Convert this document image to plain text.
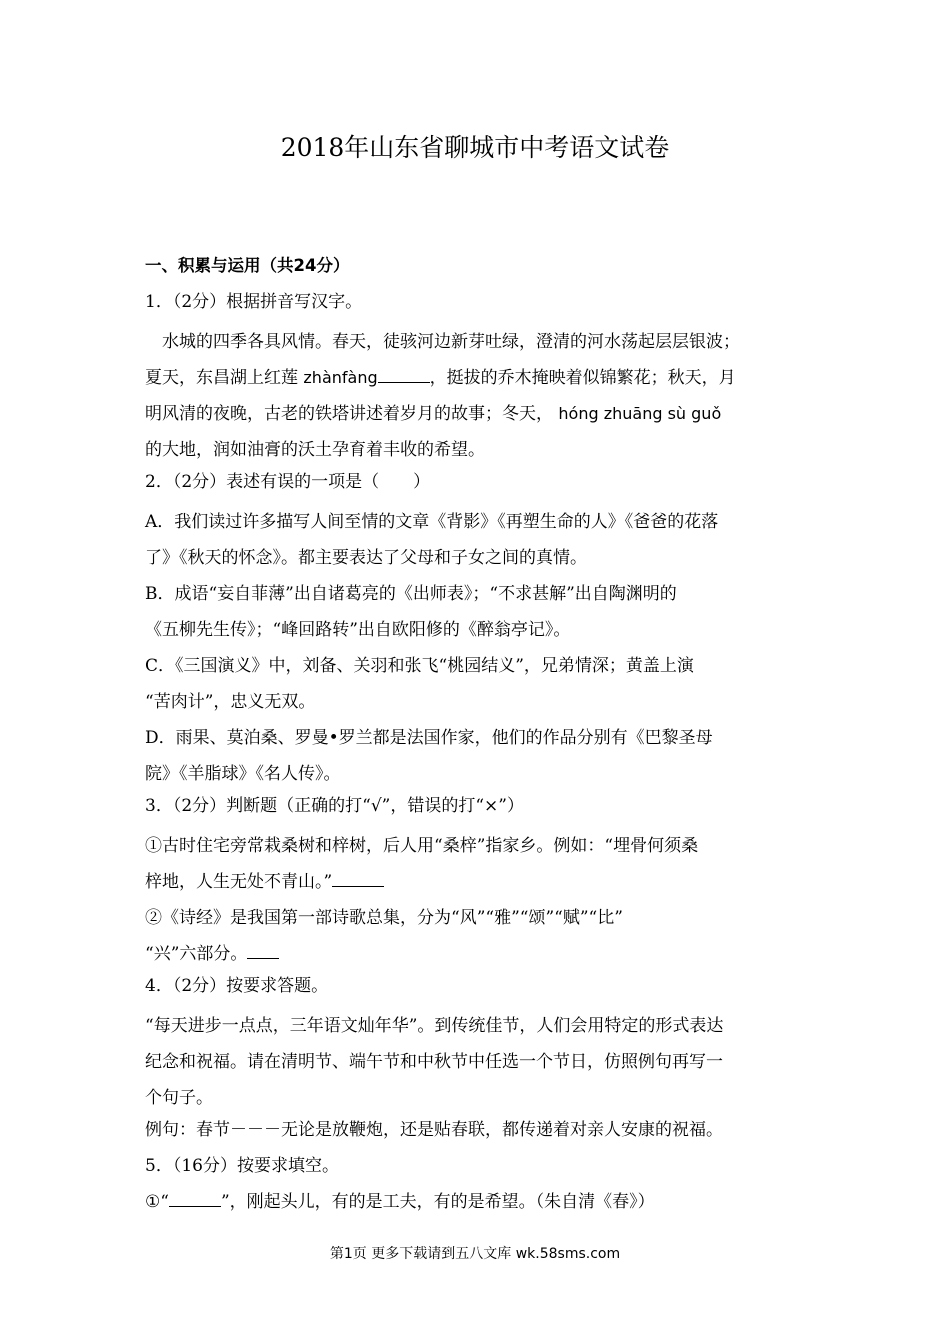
2018年山东省聊城市中考语文试卷
一、积累与运用（共24分）
1．（2分）根据拼音写汉字。
　水城的四季各具风情。春天，徒骇河边新芽吐绿，澄清的河水荡起层层银波；
夏天，东昌湖上红莲 zhànfàng	，挺拔的乔木掩映着似锦繁花；秋天，月
明风清的夜晚，古老的铁塔讲述着岁月的故事；冬天， hóng zhuāng sù guǒ
的大地，润如油膏的沃土孕育着丰收的希望。
2．（2分）表述有误的一项是（　　）
A．我们读过许多描写人间至情的文章《背影》《再塑生命的人》《爸爸的花落
了》《秋天的怀念》。都主要表达了父母和子女之间的真情。
B．成语“妄自菲薄”出自诸葛亮的《出师表》；“不求甚解”出自陶渊明的
《五柳先生传》；“峰回路转”出自欧阳修的《醉翁亭记》。
C．《三国演义》中，刘备、关羽和张飞“桃园结义”，兄弟情深；黄盖上演
“苦肉计”，忠义无双。
D．雨果、莫泊桑、罗曼•罗兰都是法国作家，他们的作品分别有《巴黎圣母
院》《羊脂球》《名人传》。
3．（2分）判断题（正确的打“√”，错误的打“×”）
①古时住宅旁常栽桑树和梓树，后人用“桑梓”指家乡。例如：“埋骨何须桑
梓地，人生无处不青山。”
②《诗经》是我国第一部诗歌总集，分为“风”“雅”“颂”“赋”“比”
“兴”六部分。
4．（2分）按要求答题。
“每天进步一点点，三年语文灿年华”。到传统佳节，人们会用特定的形式表达
纪念和祝福。请在清明节、端午节和中秋节中任选一个节日，仿照例句再写一
个句子。
例句：春节－－－无论是放鞭炮，还是贴春联，都传递着对亲人安康的祝福。
5．（16分）按要求填空。
①“	”，刚起头儿，有的是工夫，有的是希望。（朱自清《春》）
第1页 更多下载请到五八文库 wk.58sms.com
